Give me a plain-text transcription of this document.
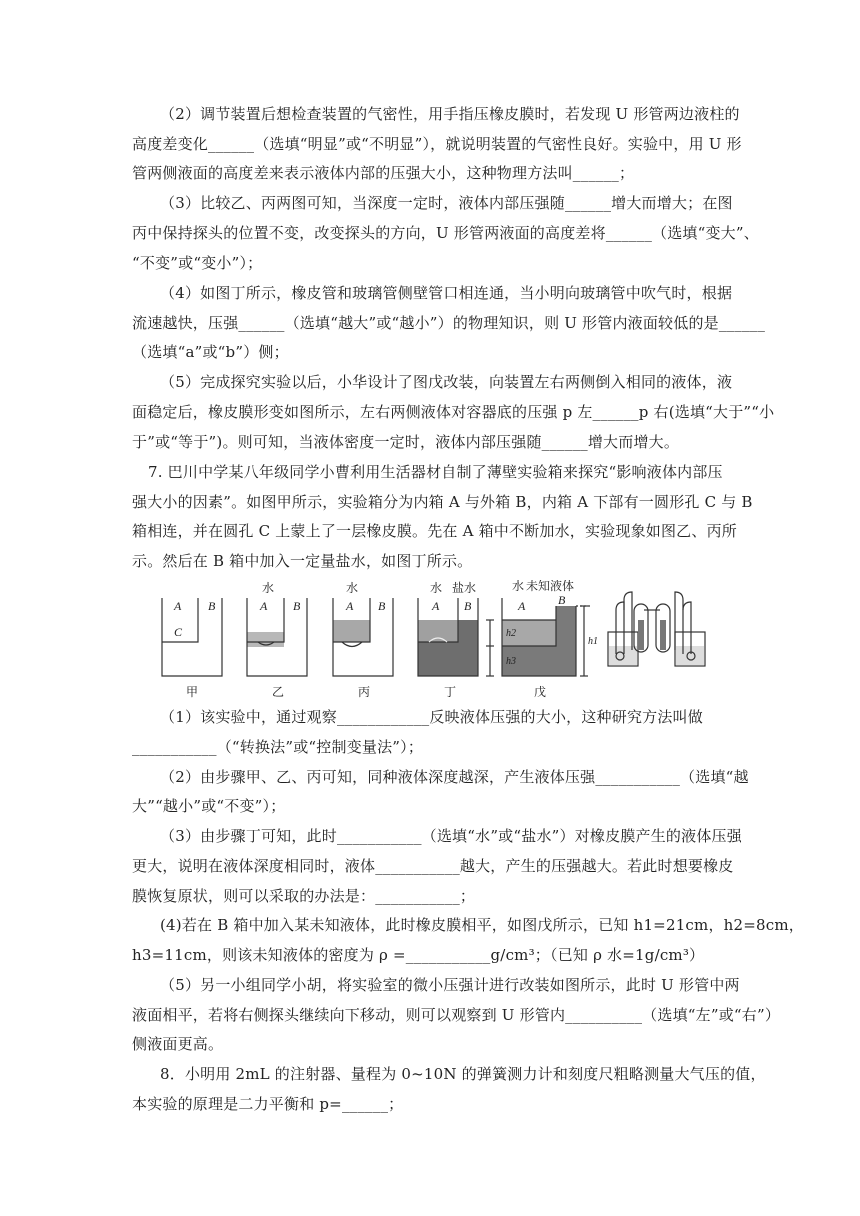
（2）调节装置后想检查装置的气密性，用手指压橡皮膜时，若发现 U 形管两边液柱的
高度差变化______（选填“明显”或“不明显”），就说明装置的气密性良好。实验中，用 U 形
管两侧液面的高度差来表示液体内部的压强大小，这种物理方法叫______；
（3）比较乙、丙两图可知，当深度一定时，液体内部压强随______增大而增大；在图
丙中保持探头的位置不变，改变探头的方向，U 形管两液面的高度差将______（选填“变大”、
“不变”或“变小”）；
（4）如图丁所示，橡皮管和玻璃管侧壁管口相连通，当小明向玻璃管中吹气时，根据
流速越快，压强______（选填“越大”或“越小”）的物理知识，则 U 形管内液面较低的是______
（选填“a”或“b”）侧；
（5）完成探究实验以后，小华设计了图戊改装，向装置左右两侧倒入相同的液体，液
面稳定后，橡皮膜形变如图所示，左右两侧液体对容器底的压强 p 左______p 右(选填“大于”“小
于”或“等于”)。则可知，当液体密度一定时，液体内部压强随______增大而增大。
7. 巴川中学某八年级同学小曹利用生活器材自制了薄壁实验箱来探究“影响液体内部压
强大小的因素”。如图甲所示，实验箱分为内箱 A 与外箱 B，内箱 A 下部有一圆形孔 C 与 B
箱相连，并在圆孔 C 上蒙上了一层橡皮膜。先在 A 箱中不断加水，实验现象如图乙、丙所
示。然后在 B 箱中加入一定量盐水，如图丁所示。
A B
C
A B	A B	A B	A	B
h2
h3
h1
水	水	水 盐水	水 未知液体
甲	乙	丙	丁	戊
（1）该实验中，通过观察____________反映液体压强的大小，这种研究方法叫做
___________（“转换法”或“控制变量法”）；
（2）由步骤甲、乙、丙可知，同种液体深度越深，产生液体压强___________（选填“越
大”“越小”或“不变”）；
（3）由步骤丁可知，此时___________（选填“水”或“盐水”）对橡皮膜产生的液体压强
更大，说明在液体深度相同时，液体___________越大，产生的压强越大。若此时想要橡皮
膜恢复原状，则可以采取的办法是：___________；
(4)若在 B 箱中加入某未知液体，此时橡皮膜相平，如图戊所示，已知 h1=21cm，h2=8cm，
h3=11cm，则该未知液体的密度为 ρ =___________g/cm³；（已知 ρ 水=1g/cm³）
（5）另一小组同学小胡，将实验室的微小压强计进行改装如图所示，此时 U 形管中两
液面相平，若将右侧探头继续向下移动，则可以观察到 U 形管内__________（选填“左”或“右”）
侧液面更高。
8．小明用 2mL 的注射器、量程为 0~10N 的弹簧测力计和刻度尺粗略测量大气压的值，
本实验的原理是二力平衡和 p=______；
